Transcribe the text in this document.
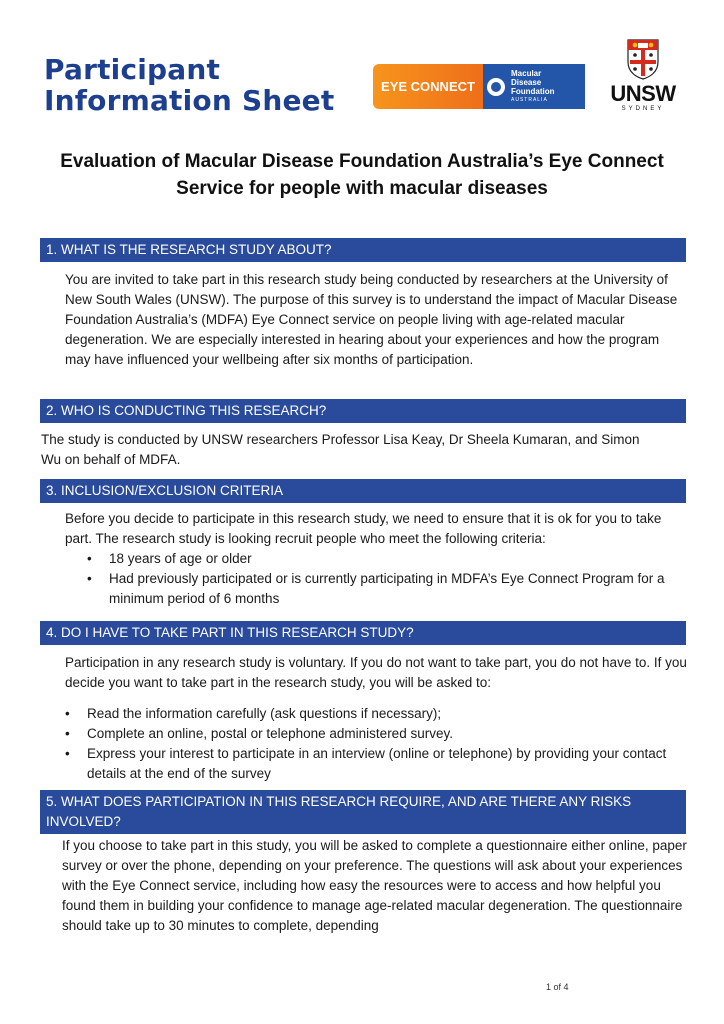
Participant
Information Sheet	EYE CONNECT
Macular
Disease
Foundation
AUSTRALIA	UNSW
SYDNEY
Evaluation of Macular Disease Foundation Australia’s Eye Connect Service for people with macular diseases
1. WHAT IS THE RESEARCH STUDY ABOUT?
You are invited to take part in this research study being conducted by researchers at the University of New South Wales (UNSW). The purpose of this survey is to understand the impact of Macular Disease Foundation Australia’s (MDFA) Eye Connect service on people living with age-related macular degeneration. We are especially interested in hearing about your experiences and how the program may have influenced your wellbeing after six months of participation.
2. WHO IS CONDUCTING THIS RESEARCH?
The study is conducted by UNSW researchers Professor Lisa Keay, Dr Sheela Kumaran, and Simon Wu on behalf of MDFA.
3. INCLUSION/EXCLUSION CRITERIA
Before you decide to participate in this research study, we need to ensure that it is ok for you to take part. The research study is looking recruit people who meet the following criteria:
• 18 years of age or older
• Had previously participated or is currently participating in MDFA’s Eye Connect Program for a minimum period of 6 months
4. DO I HAVE TO TAKE PART IN THIS RESEARCH STUDY?
Participation in any research study is voluntary. If you do not want to take part, you do not have to. If you decide you want to take part in the research study, you will be asked to:
• Read the information carefully (ask questions if necessary);
• Complete an online, postal or telephone administered survey.
• Express your interest to participate in an interview (online or telephone) by providing your contact details at the end of the survey
5. WHAT DOES PARTICIPATION IN THIS RESEARCH REQUIRE, AND ARE THERE ANY RISKS INVOLVED?
If you choose to take part in this study, you will be asked to complete a questionnaire either online, paper survey or over the phone, depending on your preference. The questions will ask about your experiences with the Eye Connect service, including how easy the resources were to access and how helpful you found them in building your confidence to manage age-related macular degeneration. The questionnaire should take up to 30 minutes to complete, depending
1 of 4
